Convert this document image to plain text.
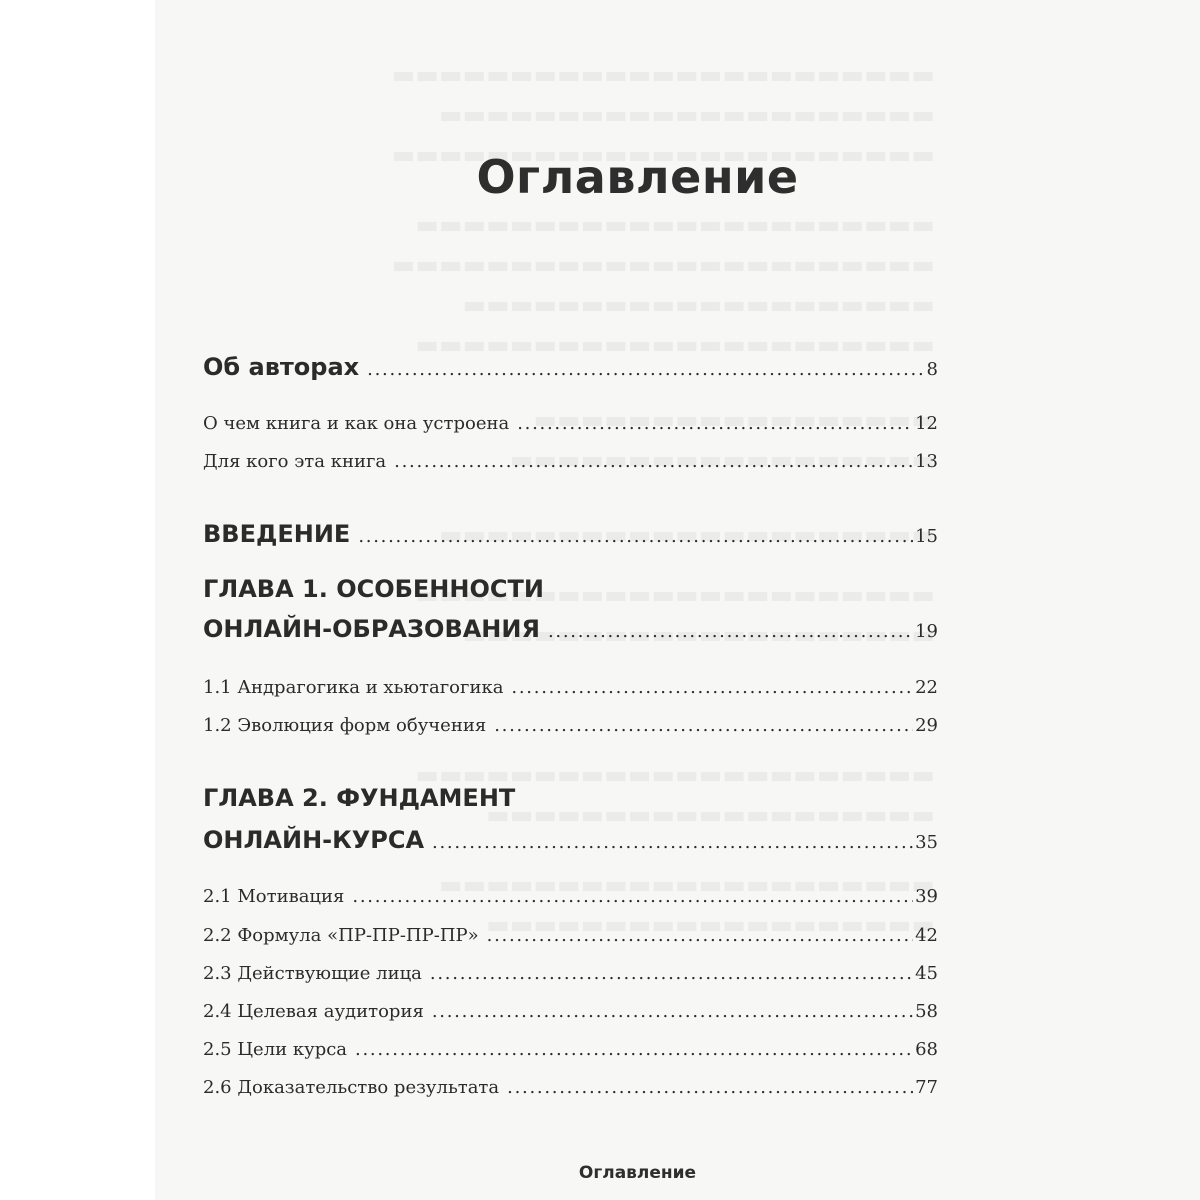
Оглавление
Об авторах . . .	8
О чем книга и как она устроена . . .	12
Для кого эта книга . . .	13
ВВЕДЕНИЕ . . .	15
ГЛАВА 1. ОСОБЕННОСТИ
ОНЛАЙН-ОБРАЗОВАНИЯ . . .	19
1.1 Андрагогика и хьютагогика . . .	22
1.2 Эволюция форм обучения . . .	29
ГЛАВА 2. ФУНДАМЕНТ
ОНЛАЙН-КУРСА . . .	35
2.1 Мотивация . . .	39
2.2 Формула «ПР-ПР-ПР-ПР» . . .	42
2.3 Действующие лица . . .	45
2.4 Целевая аудитория . . .	58
2.5 Цели курса . . .	68
2.6 Доказательство результата . . .	77
Оглавление
